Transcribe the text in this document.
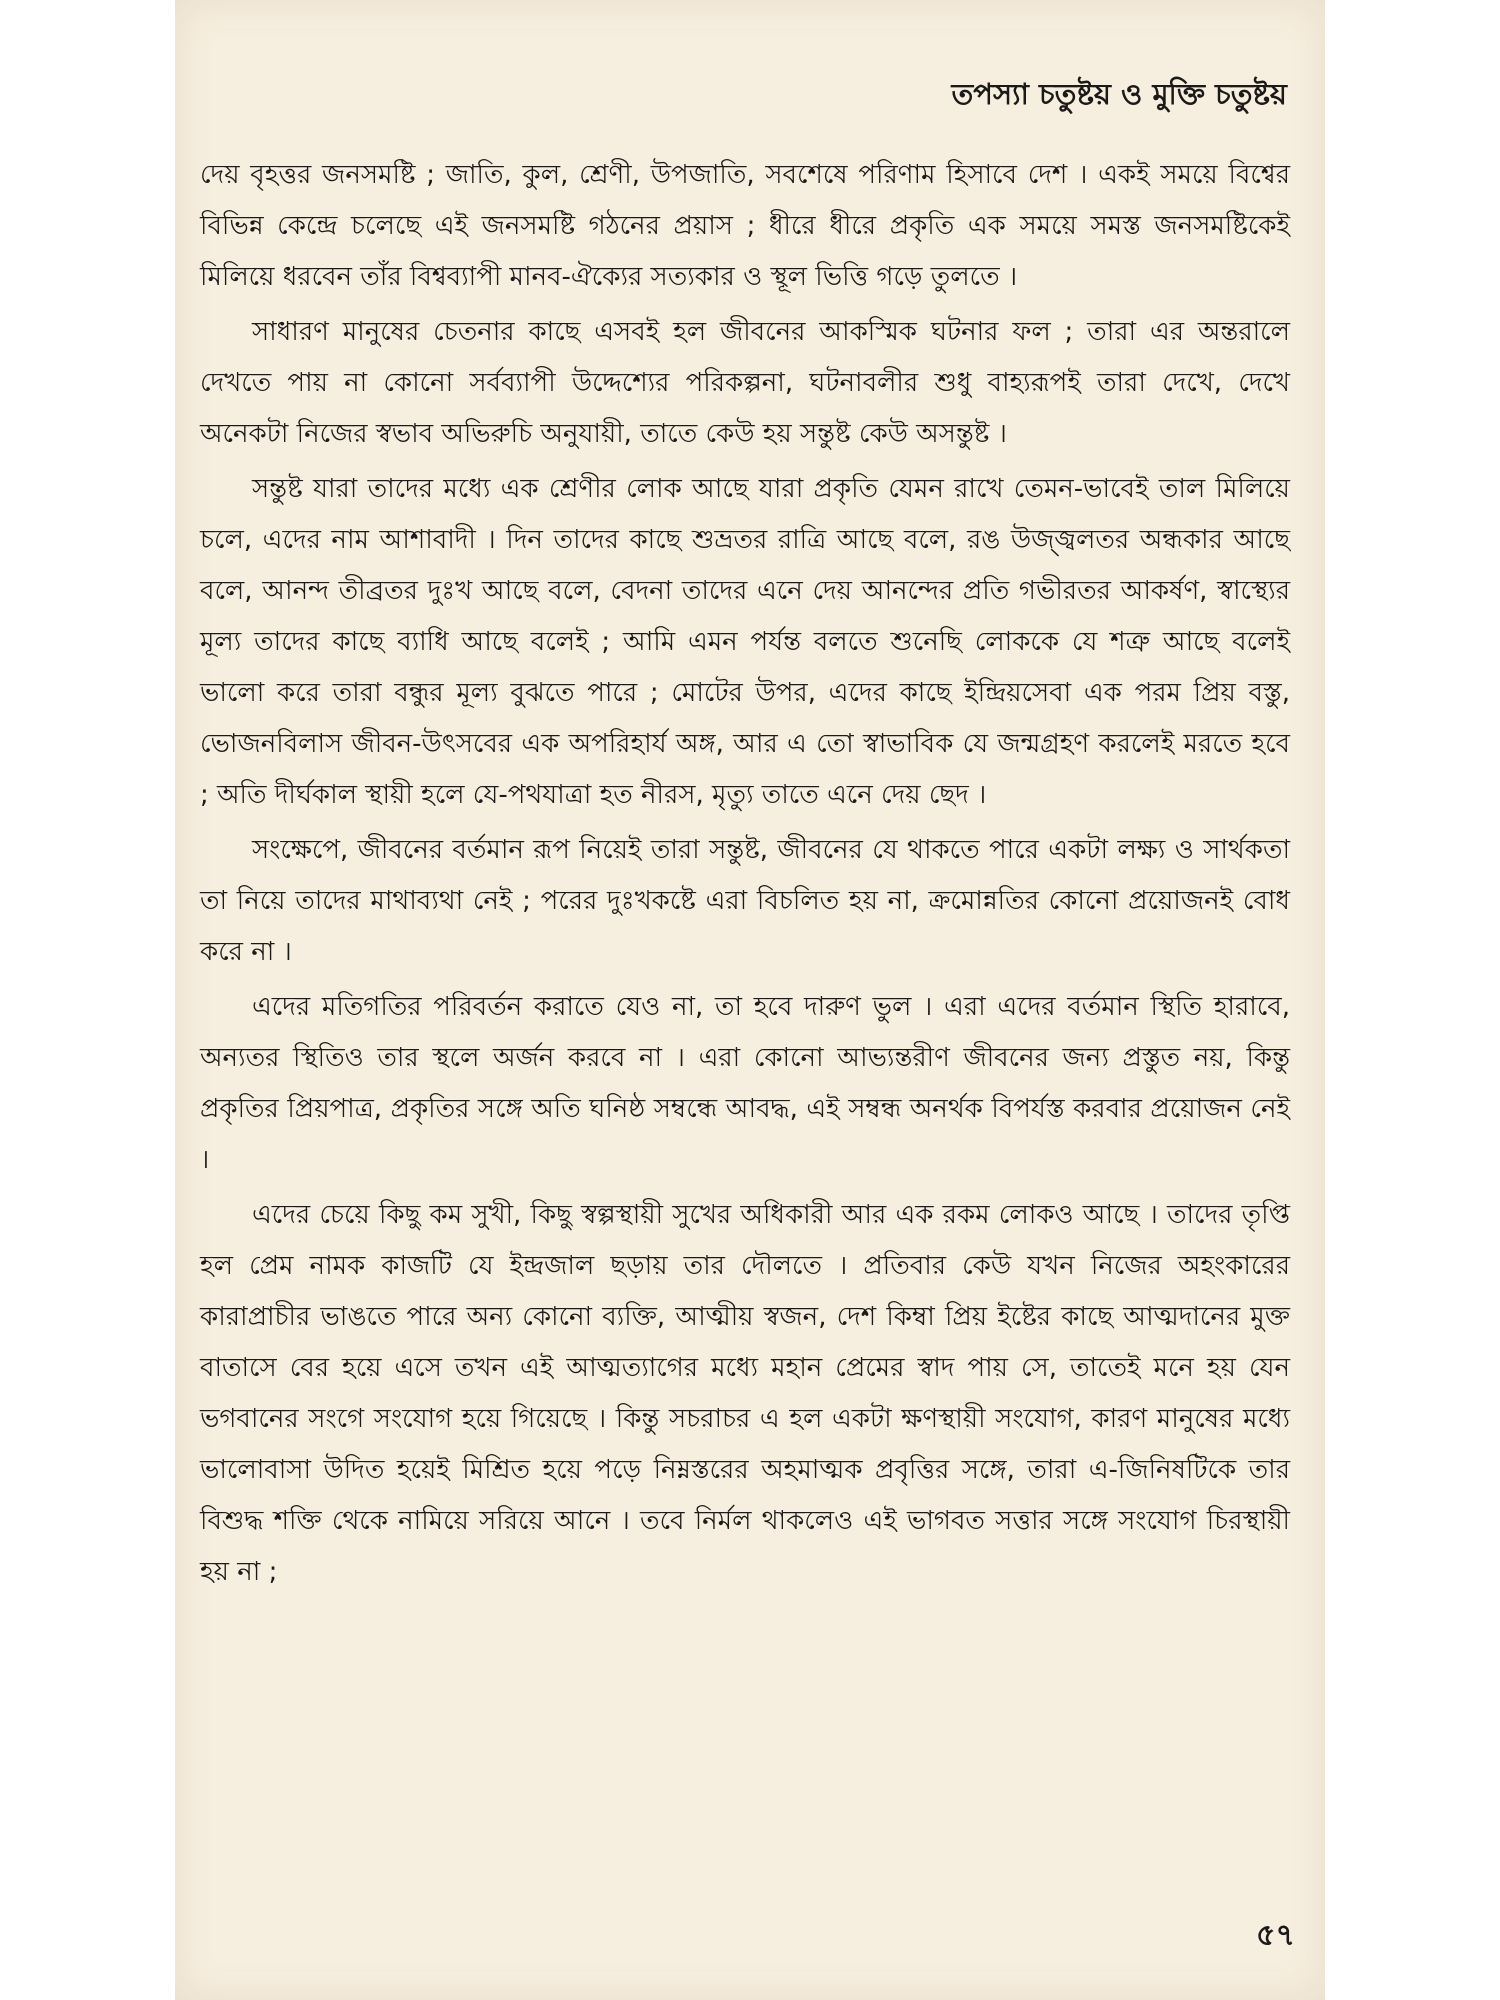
তপস্যা চতুষ্টয় ও মুক্তি চতুষ্টয়

দেয় বৃহত্তর জনসমষ্টি ; জাতি, কুল, শ্রেণী, উপজাতি, সবশেষে পরিণাম হিসাবে দেশ । একই সময়ে বিশ্বের বিভিন্ন কেন্দ্রে চলেছে এই জনসমষ্টি গঠনের প্রয়াস ; ধীরে ধীরে প্রকৃতি এক সময়ে সমস্ত জনসমষ্টিকেই মিলিয়ে ধরবেন তাঁর বিশ্বব্যাপী মানব-ঐক্যের সত্যকার ও স্থূল ভিত্তি গড়ে তুলতে ।

সাধারণ মানুষের চেতনার কাছে এসবই হল জীবনের আকস্মিক ঘটনার ফল ; তারা এর অন্তরালে দেখতে পায় না কোনো সর্বব্যাপী উদ্দেশ্যের পরিকল্পনা, ঘটনাবলীর শুধু বাহ্যরূপই তারা দেখে, দেখে অনেকটা নিজের স্বভাব অভিরুচি অনুযায়ী, তাতে কেউ হয় সন্তুষ্ট কেউ অসন্তুষ্ট ।

সন্তুষ্ট যারা তাদের মধ্যে এক শ্রেণীর লোক আছে যারা প্রকৃতি যেমন রাখে তেমন-ভাবেই তাল মিলিয়ে চলে, এদের নাম আশাবাদী । দিন তাদের কাছে শুভ্রতর রাত্রি আছে বলে, রঙ উজ্জ্বলতর অন্ধকার আছে বলে, আনন্দ তীব্রতর দুঃখ আছে বলে, বেদনা তাদের এনে দেয় আনন্দের প্রতি গভীরতর আকর্ষণ, স্বাস্থ্যের মূল্য তাদের কাছে ব্যাধি আছে বলেই ; আমি এমন পর্যন্ত বলতে শুনেছি লোককে যে শত্রু আছে বলেই ভালো করে তারা বন্ধুর মূল্য বুঝতে পারে ; মোটের উপর, এদের কাছে ইন্দ্রিয়সেবা এক পরম প্রিয় বস্তু, ভোজনবিলাস জীবন-উৎসবের এক অপরিহার্য অঙ্গ, আর এ তো স্বাভাবিক যে জন্মগ্রহণ করলেই মরতে হবে ; অতি দীর্ঘকাল স্থায়ী হলে যে-পথযাত্রা হত নীরস, মৃত্যু তাতে এনে দেয় ছেদ ।

সংক্ষেপে, জীবনের বর্তমান রূপ নিয়েই তারা সন্তুষ্ট, জীবনের যে থাকতে পারে একটা লক্ষ্য ও সার্থকতা তা নিয়ে তাদের মাথাব্যথা নেই ; পরের দুঃখকষ্টে এরা বিচলিত হয় না, ক্রমোন্নতির কোনো প্রয়োজনই বোধ করে না ।

এদের মতিগতির পরিবর্তন করাতে যেও না, তা হবে দারুণ ভুল । এরা এদের বর্তমান স্থিতি হারাবে, অন্যতর স্থিতিও তার স্থলে অর্জন করবে না । এরা কোনো আভ্যন্তরীণ জীবনের জন্য প্রস্তুত নয়, কিন্তু প্রকৃতির প্রিয়পাত্র, প্রকৃতির সঙ্গে অতি ঘনিষ্ঠ সম্বন্ধে আবদ্ধ, এই সম্বন্ধ অনর্থক বিপর্যস্ত করবার প্রয়োজন নেই ।

এদের চেয়ে কিছু কম সুখী, কিছু স্বল্পস্থায়ী সুখের অধিকারী আর এক রকম লোকও আছে । তাদের তৃপ্তি হল প্রেম নামক কাজটি যে ইন্দ্রজাল ছড়ায় তার দৌলতে । প্রতিবার কেউ যখন নিজের অহংকারের কারাপ্রাচীর ভাঙতে পারে অন্য কোনো ব্যক্তি, আত্মীয় স্বজন, দেশ কিম্বা প্রিয় ইষ্টের কাছে আত্মদানের মুক্ত বাতাসে বের হয়ে এসে তখন এই আত্মত্যাগের মধ্যে মহান প্রেমের স্বাদ পায় সে, তাতেই মনে হয় যেন ভগবানের সংগে সংযোগ হয়ে গিয়েছে । কিন্তু সচরাচর এ হল একটা ক্ষণস্থায়ী সংযোগ, কারণ মানুষের মধ্যে ভালোবাসা উদিত হয়েই মিশ্রিত হয়ে পড়ে নিম্নস্তরের অহমাত্মক প্রবৃত্তির সঙ্গে, তারা এ-জিনিষটিকে তার বিশুদ্ধ শক্তি থেকে নামিয়ে সরিয়ে আনে । তবে নির্মল থাকলেও এই ভাগবত সত্তার সঙ্গে সংযোগ চিরস্থায়ী হয় না ;

৫৭
